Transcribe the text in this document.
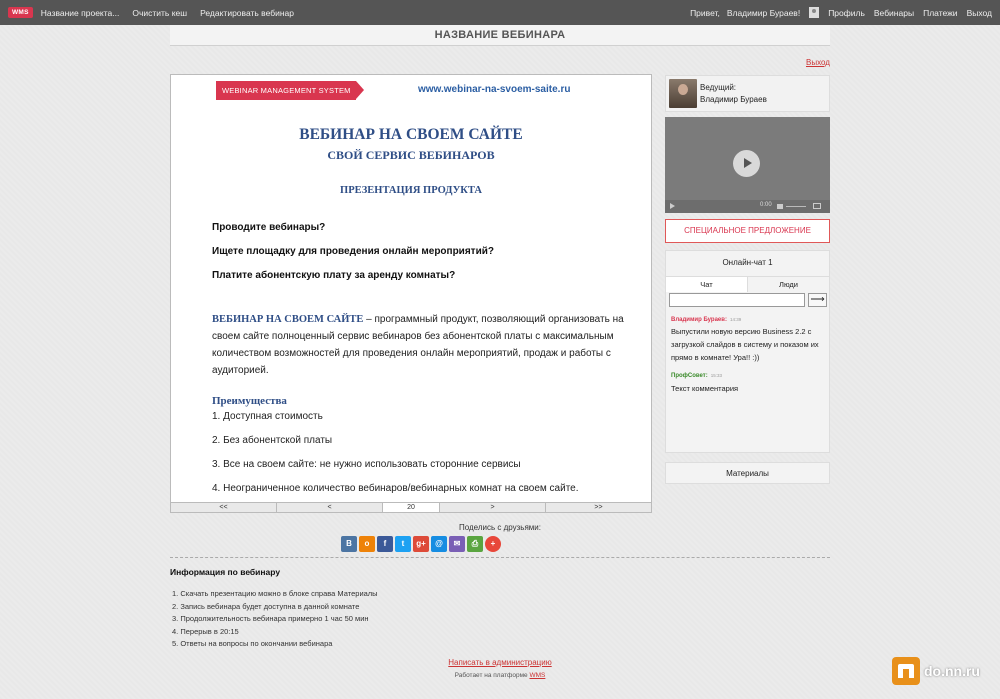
WMS	Название проекта... Очистить кеш Редактировать вебинар	Привет, Владимир Бураев!	Профиль Вебинары Платежи Выход
НАЗВАНИЕ ВЕБИНАРА
Выход
WEBINAR MANAGEMENT SYSTEM	www.webinar-na-svoem-saite.ru
ВЕБИНАР НА СВОЕМ САЙТЕ
СВОЙ СЕРВИС ВЕБИНАРОВ
ПРЕЗЕНТАЦИЯ ПРОДУКТА
Проводите вебинары?
Ищете площадку для проведения онлайн мероприятий?
Платите абонентскую плату за аренду комнаты?
ВЕБИНАР НА СВОЕМ САЙТЕ – программный продукт, позволяющий организовать на своем сайте полноценный сервис вебинаров без абонентской платы с максимальным количеством возможностей для проведения онлайн мероприятий, продаж и работы с аудиторией.
Преимущества
1. Доступная стоимость
2. Без абонентской платы
3. Все на своем сайте: не нужно использовать сторонние сервисы
4. Неограниченное количество вебинаров/вебинарных комнат на своем сайте.
<<	<	20	>	>>
Поделись с друзьями:
В	о	f	t	g+	@	✉	⎙	+
Информация по вебинару
1. Скачать презентацию можно в блоке справа Материалы
2. Запись вебинара будет доступна в данной комнате
3. Продолжительность вебинара примерно 1 час 50 мин
4. Перерыв в 20:15
5. Ответы на вопросы по окончании вебинара
Написать в администрацию
Работает на платформе WMS
Ведущий:
Владимир Бураев
0:00
СПЕЦИАЛЬНОЕ ПРЕДЛОЖЕНИЕ
Онлайн-чат 1
Чат	Люди
⟶
Владимир Бураев: 14:39
Выпустили новую версию Business 2.2 с загрузкой слайдов в систему и показом их прямо в комнате! Ура!! :))
ПрофСовет: 15:33
Текст комментария
Материалы
do.nn.ru
